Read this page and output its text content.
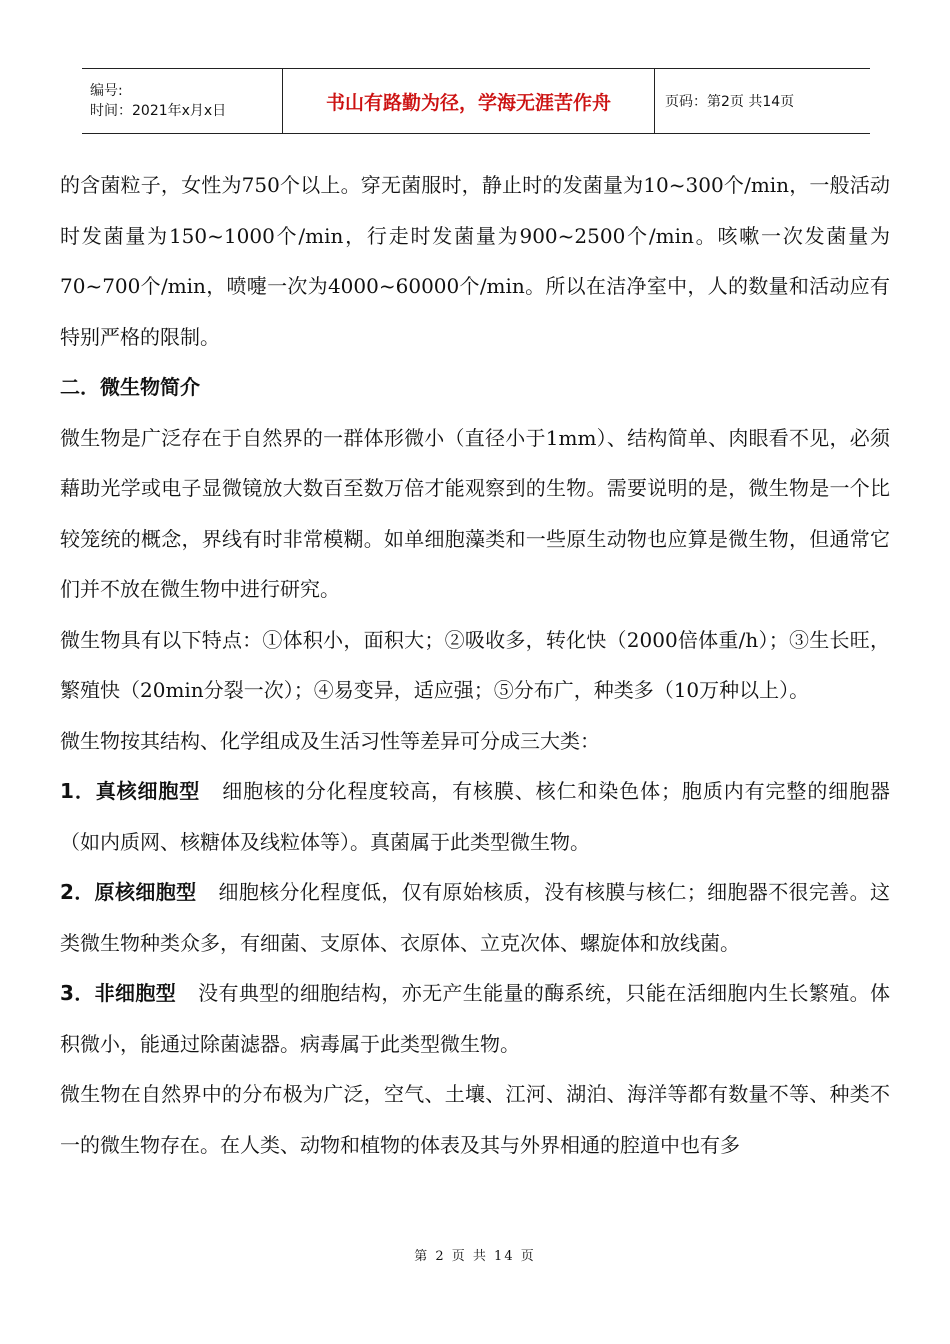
编号:
时间：2021年x月x日	书山有路勤为径，学海无涯苦作舟	页码：第2页 共14页

的含菌粒子，女性为750个以上。穿无菌服时，静止时的发菌量为10~300个/min，一般活动时发菌量为150~1000个/min，行走时发菌量为900~2500个/min。咳嗽一次发菌量为70~700个/min，喷嚏一次为4000~60000个/min。所以在洁净室中，人的数量和活动应有特别严格的限制。

二．微生物简介

微生物是广泛存在于自然界的一群体形微小（直径小于1mm）、结构简单、肉眼看不见，必须藉助光学或电子显微镜放大数百至数万倍才能观察到的生物。需要说明的是，微生物是一个比较笼统的概念，界线有时非常模糊。如单细胞藻类和一些原生动物也应算是微生物，但通常它们并不放在微生物中进行研究。

微生物具有以下特点：①体积小，面积大；②吸收多，转化快（2000倍体重/h）；③生长旺，繁殖快（20min分裂一次）；④易变异，适应强；⑤分布广，种类多（10万种以上）。

微生物按其结构、化学组成及生活习性等差异可分成三大类：

1．真核细胞型 细胞核的分化程度较高，有核膜、核仁和染色体；胞质内有完整的细胞器（如内质网、核糖体及线粒体等）。真菌属于此类型微生物。

2．原核细胞型 细胞核分化程度低，仅有原始核质，没有核膜与核仁；细胞器不很完善。这类微生物种类众多，有细菌、支原体、衣原体、立克次体、螺旋体和放线菌。

3．非细胞型 没有典型的细胞结构，亦无产生能量的酶系统，只能在活细胞内生长繁殖。体积微小，能通过除菌滤器。病毒属于此类型微生物。

微生物在自然界中的分布极为广泛，空气、土壤、江河、湖泊、海洋等都有数量不等、种类不一的微生物存在。在人类、动物和植物的体表及其与外界相通的腔道中也有多

第 2 页 共 14 页
